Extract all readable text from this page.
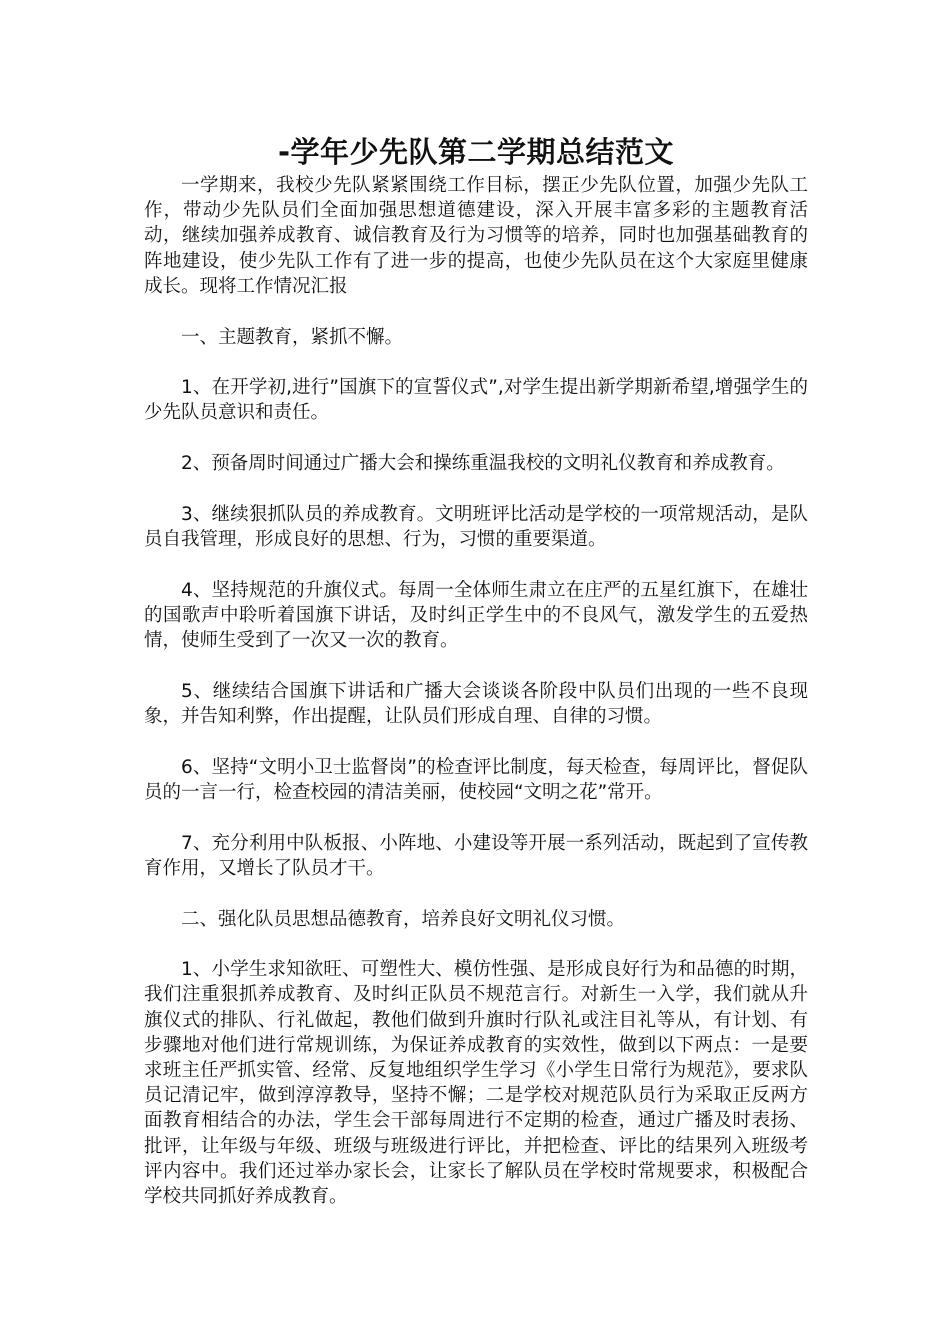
-学年少先队第二学期总结范文

一学期来，我校少先队紧紧围绕工作目标，摆正少先队位置，加强少先队工作，带动少先队员们全面加强思想道德建设，深入开展丰富多彩的主题教育活动，继续加强养成教育、诚信教育及行为习惯等的培养，同时也加强基础教育的阵地建设，使少先队工作有了进一步的提高，也使少先队员在这个大家庭里健康成长。现将工作情况汇报

一、主题教育，紧抓不懈。

1、在开学初,进行”国旗下的宣誓仪式”,对学生提出新学期新希望,增强学生的少先队员意识和责任。

2、预备周时间通过广播大会和操练重温我校的文明礼仪教育和养成教育。

3、继续狠抓队员的养成教育。文明班评比活动是学校的一项常规活动，是队员自我管理，形成良好的思想、行为，习惯的重要渠道。

4、坚持规范的升旗仪式。每周一全体师生肃立在庄严的五星红旗下，在雄壮的国歌声中聆听着国旗下讲话，及时纠正学生中的不良风气，激发学生的五爱热情，使师生受到了一次又一次的教育。

5、继续结合国旗下讲话和广播大会谈谈各阶段中队员们出现的一些不良现象，并告知利弊，作出提醒，让队员们形成自理、自律的习惯。

6、坚持“文明小卫士监督岗”的检查评比制度，每天检查，每周评比，督促队员的一言一行，检查校园的清洁美丽，使校园“文明之花”常开。

7、充分利用中队板报、小阵地、小建设等开展一系列活动，既起到了宣传教育作用，又增长了队员才干。

二、强化队员思想品德教育，培养良好文明礼仪习惯。

1、小学生求知欲旺、可塑性大、模仿性强、是形成良好行为和品德的时期，我们注重狠抓养成教育、及时纠正队员不规范言行。对新生一入学，我们就从升旗仪式的排队、行礼做起，教他们做到升旗时行队礼或注目礼等从，有计划、有步骤地对他们进行常规训练，为保证养成教育的实效性，做到以下两点：一是要求班主任严抓实管、经常、反复地组织学生学习《小学生日常行为规范》，要求队员记清记牢，做到淳淳教导，坚持不懈；二是学校对规范队员行为采取正反两方面教育相结合的办法，学生会干部每周进行不定期的检查，通过广播及时表扬、批评，让年级与年级、班级与班级进行评比，并把检查、评比的结果列入班级考评内容中。我们还过举办家长会，让家长了解队员在学校时常规要求，积极配合学校共同抓好养成教育。
